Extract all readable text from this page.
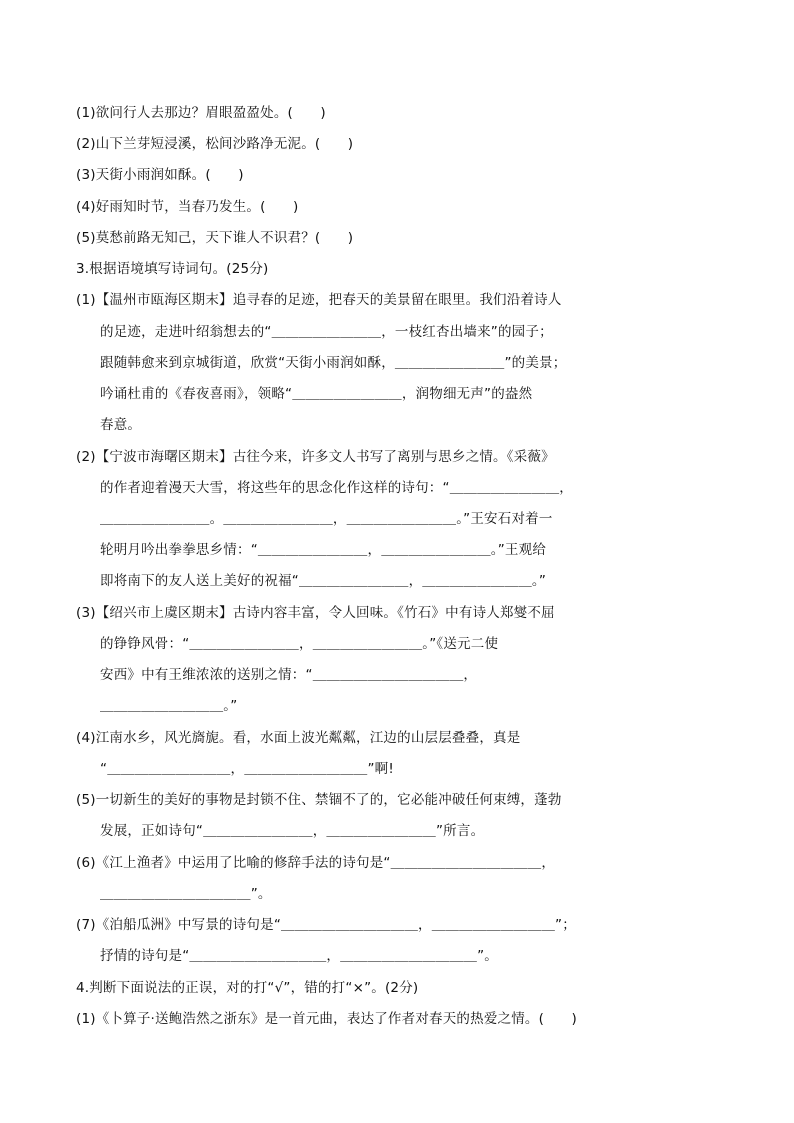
(1)欲问行人去那边？眉眼盈盈处。(　　)
(2)山下兰芽短浸溪，松间沙路净无泥。(　　)
(3)天街小雨润如酥。(　　)
(4)好雨知时节，当春乃发生。(　　)
(5)莫愁前路无知己，天下谁人不识君？(　　)
3.根据语境填写诗词句。(25分)
(1)【温州市瓯海区期末】追寻春的足迹，把春天的美景留在眼里。我们沿着诗人
的足迹，走进叶绍翁想去的“＿＿＿＿＿＿＿＿，一枝红杏出墙来”的园子；
跟随韩愈来到京城街道，欣赏“天街小雨润如酥，＿＿＿＿＿＿＿＿”的美景；
吟诵杜甫的《春夜喜雨》，领略“＿＿＿＿＿＿＿＿，润物细无声”的盎然
春意。
(2)【宁波市海曙区期末】古往今来，许多文人书写了离别与思乡之情。《采薇》
的作者迎着漫天大雪，将这些年的思念化作这样的诗句：“＿＿＿＿＿＿＿＿，
＿＿＿＿＿＿＿＿。＿＿＿＿＿＿＿＿，＿＿＿＿＿＿＿＿。”王安石对着一
轮明月吟出拳拳思乡情：“＿＿＿＿＿＿＿＿，＿＿＿＿＿＿＿＿。”王观给
即将南下的友人送上美好的祝福“＿＿＿＿＿＿＿＿，＿＿＿＿＿＿＿＿。”
(3)【绍兴市上虞区期末】古诗内容丰富，令人回味。《竹石》中有诗人郑燮不屈
的铮铮风骨：“＿＿＿＿＿＿＿＿，＿＿＿＿＿＿＿＿。”《送元二使
安西》中有王维浓浓的送别之情：“＿＿＿＿＿＿＿＿＿＿＿，
＿＿＿＿＿＿＿＿＿。”
(4)江南水乡，风光旖旎。看，水面上波光粼粼，江边的山层层叠叠，真是
“＿＿＿＿＿＿＿＿＿，＿＿＿＿＿＿＿＿＿”啊!
(5)一切新生的美好的事物是封锁不住、禁锢不了的，它必能冲破任何束缚，蓬勃
发展，正如诗句“＿＿＿＿＿＿＿＿，＿＿＿＿＿＿＿＿”所言。
(6)《江上渔者》中运用了比喻的修辞手法的诗句是“＿＿＿＿＿＿＿＿＿＿＿，
＿＿＿＿＿＿＿＿＿＿＿”。
(7)《泊船瓜洲》中写景的诗句是“＿＿＿＿＿＿＿＿＿＿，＿＿＿＿＿＿＿＿＿”；
抒情的诗句是“＿＿＿＿＿＿＿＿＿＿，＿＿＿＿＿＿＿＿＿＿”。
4.判断下面说法的正误，对的打“√”，错的打“×”。(2分)
(1)《卜算子·送鲍浩然之浙东》是一首元曲，表达了作者对春天的热爱之情。(　　)
